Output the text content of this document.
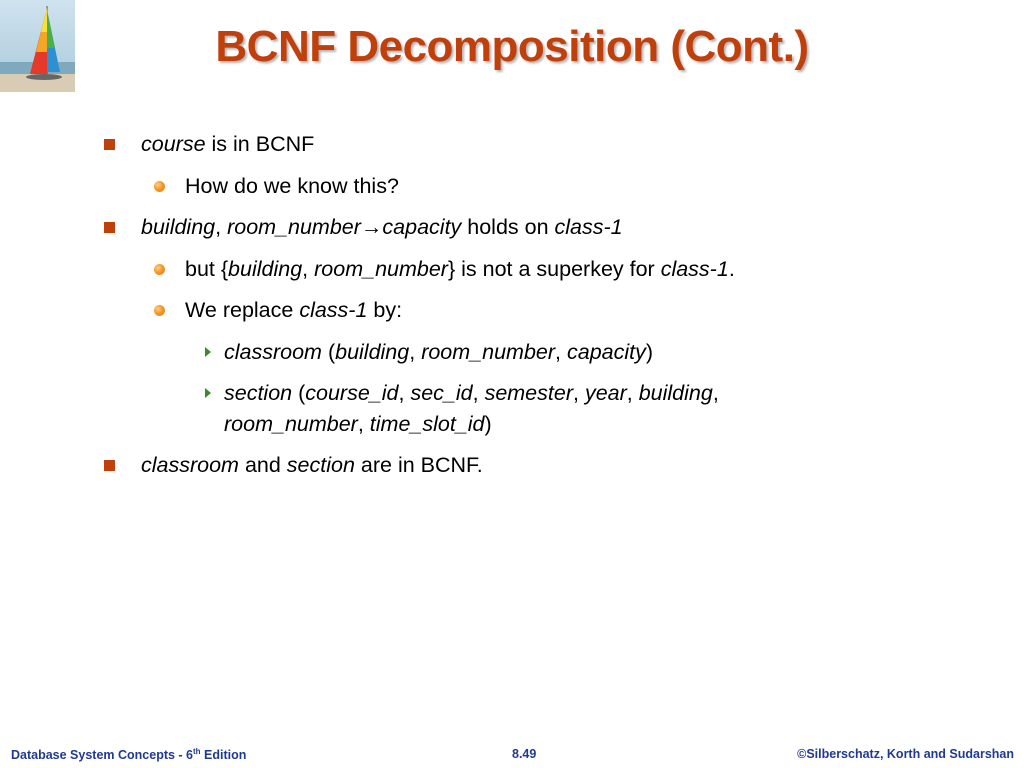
BCNF Decomposition (Cont.)
course is in BCNF
How do we know this?
building, room_number→capacity holds on class-1
but {building, room_number} is not a superkey for class-1.
We replace class-1 by:
classroom (building, room_number, capacity)
section (course_id, sec_id, semester, year, building,
room_number, time_slot_id)
classroom and section are in BCNF.
Database System Concepts - 6th Edition	8.49	©Silberschatz, Korth and Sudarshan
